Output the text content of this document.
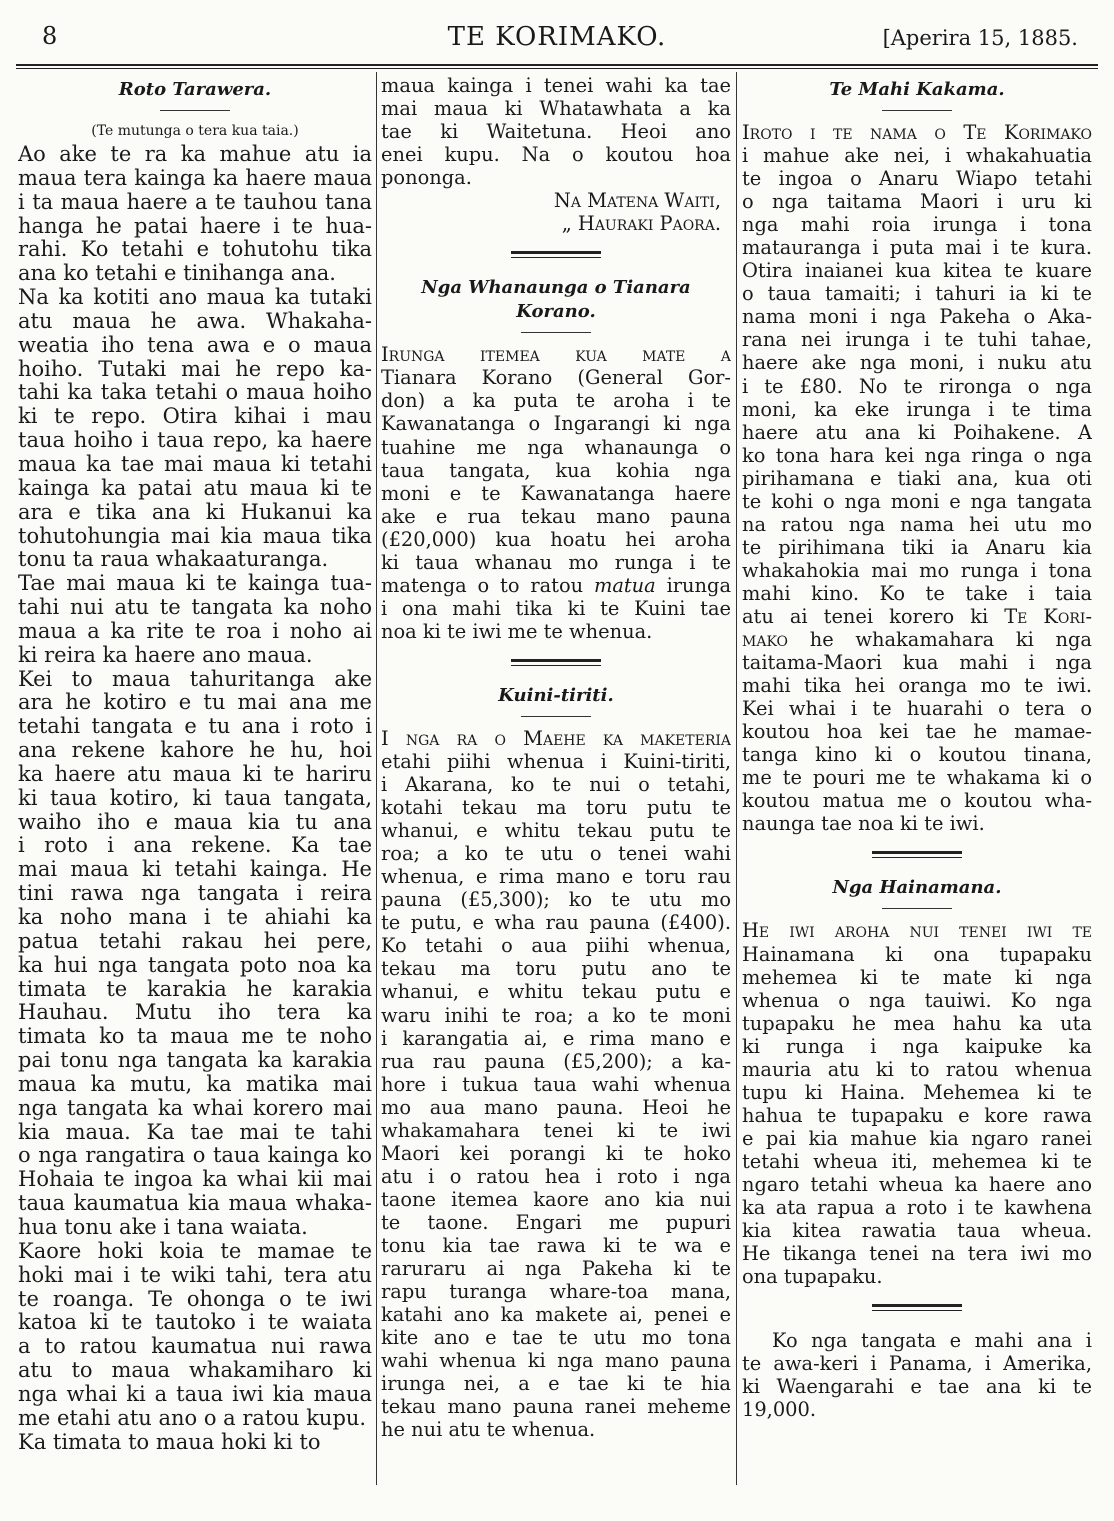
8	TE KORIMAKO.	[Aperira 15, 1885.
Roto Tarawera.
(Te mutunga o tera kua taia.)
Ao ake te ra ka mahue atu ia
maua tera kainga ka haere maua
i ta maua haere a te tauhou tana
hanga he patai haere i te hua-
rahi. Ko tetahi e tohutohu tika
ana ko tetahi e tinihanga ana.
Na ka kotiti ano maua ka tutaki
atu maua he awa. Whakaha-
weatia iho tena awa e o maua
hoiho. Tutaki mai he repo ka-
tahi ka taka tetahi o maua hoiho
ki te repo. Otira kihai i mau
taua hoiho i taua repo, ka haere
maua ka tae mai maua ki tetahi
kainga ka patai atu maua ki te
ara e tika ana ki Hukanui ka
tohutohungia mai kia maua tika
tonu ta raua whakaaturanga.
Tae mai maua ki te kainga tua-
tahi nui atu te tangata ka noho
maua a ka rite te roa i noho ai
ki reira ka haere ano maua.
Kei to maua tahuritanga ake
ara he kotiro e tu mai ana me
tetahi tangata e tu ana i roto i
ana rekene kahore he hu, hoi
ka haere atu maua ki te hariru
ki taua kotiro, ki taua tangata,
waiho iho e maua kia tu ana
i roto i ana rekene. Ka tae
mai maua ki tetahi kainga. He
tini rawa nga tangata i reira
ka noho mana i te ahiahi ka
patua tetahi rakau hei pere,
ka hui nga tangata poto noa ka
timata te karakia he karakia
Hauhau. Mutu iho tera ka
timata ko ta maua me te noho
pai tonu nga tangata ka karakia
maua ka mutu, ka matika mai
nga tangata ka whai korero mai
kia maua. Ka tae mai te tahi
o nga rangatira o taua kainga ko
Hohaia te ingoa ka whai kii mai
taua kaumatua kia maua whaka-
hua tonu ake i tana waiata.
Kaore hoki koia te mamae te
hoki mai i te wiki tahi, tera atu
te roanga. Te ohonga o te iwi
katoa ki te tautoko i te waiata
a to ratou kaumatua nui rawa
atu to maua whakamiharo ki
nga whai ki a taua iwi kia maua
me etahi atu ano o a ratou kupu.
Ka timata to maua hoki ki to
maua kainga i tenei wahi ka tae
mai maua ki Whatawhata a ka
tae ki Waitetuna. Heoi ano
enei kupu. Na o koutou hoa
pononga.
Na Matena Waiti,
„ Hauraki Paora.
Nga Whanaunga o Tianara Korano.
Irunga itemea kua mate a
Tianara Korano (General Gor-
don) a ka puta te aroha i te
Kawanatanga o Ingarangi ki nga
tuahine me nga whanaunga o
taua tangata, kua kohia nga
moni e te Kawanatanga haere
ake e rua tekau mano pauna
(£20,000) kua hoatu hei aroha
ki taua whanau mo runga i te
matenga o to ratou matua irunga
i ona mahi tika ki te Kuini tae
noa ki te iwi me te whenua.
Kuini-tiriti.
I nga ra o Maehe ka maketeria
etahi piihi whenua i Kuini-tiriti,
i Akarana, ko te nui o tetahi,
kotahi tekau ma toru putu te
whanui, e whitu tekau putu te
roa; a ko te utu o tenei wahi
whenua, e rima mano e toru rau
pauna (£5,300); ko te utu mo
te putu, e wha rau pauna (£400).
Ko tetahi o aua piihi whenua,
tekau ma toru putu ano te
whanui, e whitu tekau putu e
waru inihi te roa; a ko te moni
i karangatia ai, e rima mano e
rua rau pauna (£5,200); a ka-
hore i tukua taua wahi whenua
mo aua mano pauna. Heoi he
whakamahara tenei ki te iwi
Maori kei porangi ki te hoko
atu i o ratou hea i roto i nga
taone itemea kaore ano kia nui
te taone. Engari me pupuri
tonu kia tae rawa ki te wa e
raruraru ai nga Pakeha ki te
rapu turanga whare-toa mana,
katahi ano ka makete ai, penei e
kite ano e tae te utu mo tona
wahi whenua ki nga mano pauna
irunga nei, a e tae ki te hia
tekau mano pauna ranei meheme
he nui atu te whenua.
Te Mahi Kakama.
Iroto i te nama o Te Korimako
i mahue ake nei, i whakahuatia
te ingoa o Anaru Wiapo tetahi
o nga taitama Maori i uru ki
nga mahi roia irunga i tona
matauranga i puta mai i te kura.
Otira inaianei kua kitea te kuare
o taua tamaiti; i tahuri ia ki te
nama moni i nga Pakeha o Aka-
rana nei irunga i te tuhi tahae,
haere ake nga moni, i nuku atu
i te £80. No te rironga o nga
moni, ka eke irunga i te tima
haere atu ana ki Poihakene. A
ko tona hara kei nga ringa o nga
pirihamana e tiaki ana, kua oti
te kohi o nga moni e nga tangata
na ratou nga nama hei utu mo
te pirihimana tiki ia Anaru kia
whakahokia mai mo runga i tona
mahi kino. Ko te take i taia
atu ai tenei korero ki Te Kori-
mako he whakamahara ki nga
taitama-Maori kua mahi i nga
mahi tika hei oranga mo te iwi.
Kei whai i te huarahi o tera o
koutou hoa kei tae he mamae-
tanga kino ki o koutou tinana,
me te pouri me te whakama ki o
koutou matua me o koutou wha-
naunga tae noa ki te iwi.
Nga Hainamana.
He iwi aroha nui tenei iwi te
Hainamana ki ona tupapaku
mehemea ki te mate ki nga
whenua o nga tauiwi. Ko nga
tupapaku he mea hahu ka uta
ki runga i nga kaipuke ka
mauria atu ki to ratou whenua
tupu ki Haina. Mehemea ki te
hahua te tupapaku e kore rawa
e pai kia mahue kia ngaro ranei
tetahi wheua iti, mehemea ki te
ngaro tetahi wheua ka haere ano
ka ata rapua a roto i te kawhena
kia kitea rawatia taua wheua.
He tikanga tenei na tera iwi mo
ona tupapaku.
Ko nga tangata e mahi ana i
te awa-keri i Panama, i Amerika,
ki Waengarahi e tae ana ki te
19,000.
